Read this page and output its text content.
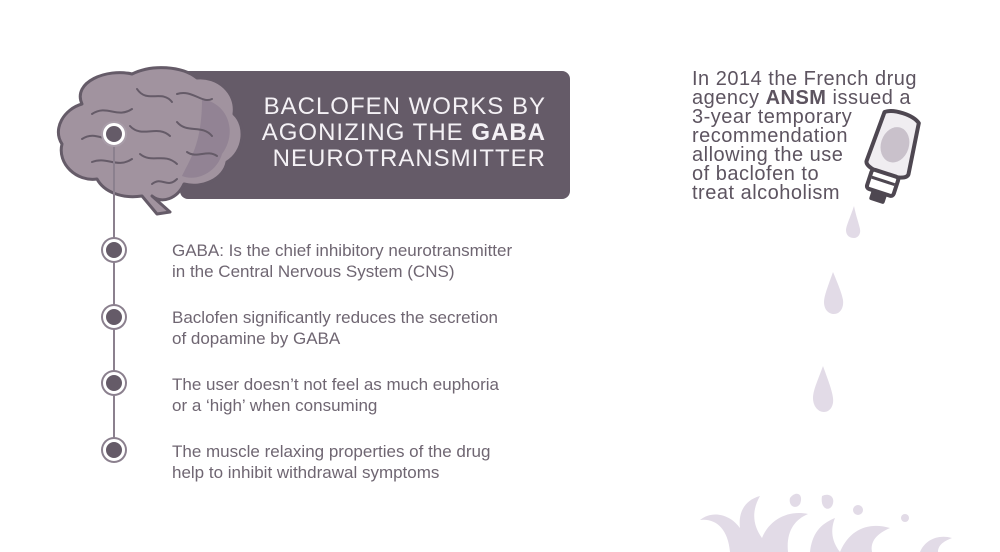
BACLOFEN WORKS BY
AGONIZING THE GABA
NEUROTRANSMITTER
GABA: Is the chief inhibitory neurotransmitter
in the Central Nervous System (CNS)
Baclofen significantly reduces the secretion
of dopamine by GABA
The user doesn’t not feel as much euphoria
or a ‘high’ when consuming
The muscle relaxing properties of the drug
help to inhibit withdrawal symptoms
In 2014 the French drug
agency ANSM issued a
3-year temporary
recommendation
allowing the use
of baclofen to
treat alcoholism
